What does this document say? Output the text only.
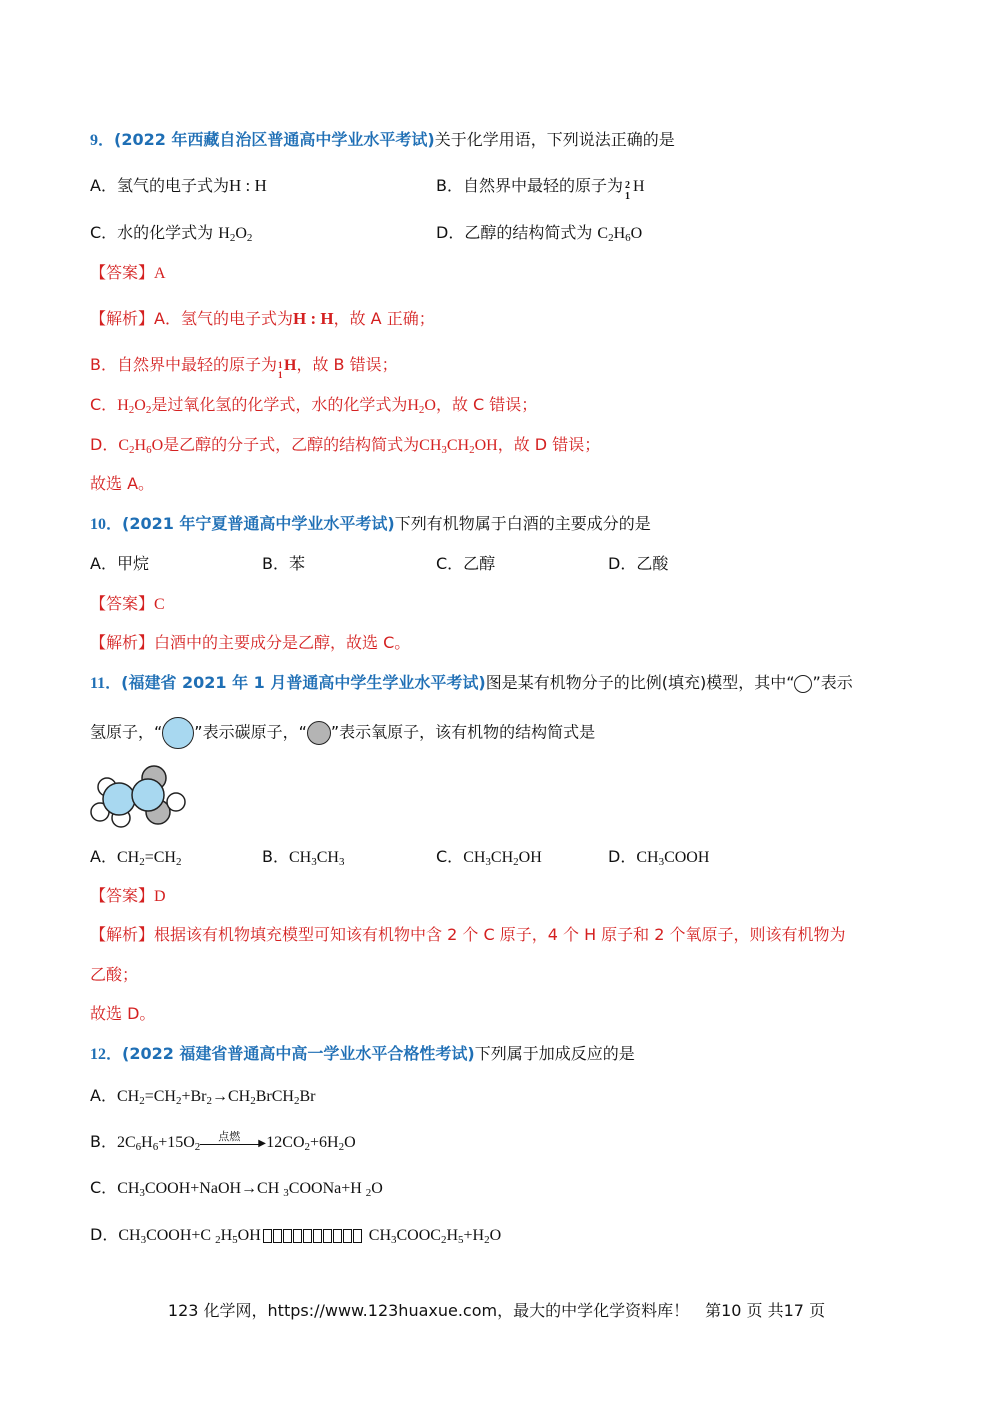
9．(2022 年西藏自治区普通高中学业水平考试)关于化学用语，下列说法正确的是
A．氢气的电子式为H : H	B．自然界中最轻的原子为 2
1
H
C．水的化学式为 $H_2O_2$	D．乙醇的结构简式为 $C_2H_6O$
【答案】A
【解析】A．氢气的电子式为H : H，故 A 正确；
B．自然界中最轻的原子为 1
1
H，故 B 错误；
C．$H_2O_2$是过氧化氢的化学式，水的化学式为$H_2O$，故 C 错误；
D．$C_2H_6O$是乙醇的分子式，乙醇的结构简式为$CH_3CH_2OH$，故 D 错误；
故选 A。
10．(2021 年宁夏普通高中学业水平考试)下列有机物属于白酒的主要成分的是
A．甲烷	B．苯	C．乙醇	D．乙酸
【答案】C
【解析】白酒中的主要成分是乙醇，故选 C。
11．(福建省 2021 年 1 月普通高中学生学业水平考试)图是某有机物分子的比例(填充)模型，其中“ ”表示
氢原子，“ ”表示碳原子，“ ”表示氧原子，该有机物的结构简式是
A．$CH_2=CH_2$	B．$CH_3CH_3$	C．$CH_3CH_2OH$	D．$CH_3COOH$
【答案】D
【解析】根据该有机物填充模型可知该有机物中含 2 个 C 原子，4 个 H 原子和 2 个氧原子，则该有机物为
乙酸；
故选 D。
12．(2022 福建省普通高中高一学业水平合格性考试)下列属于加成反应的是
A．$CH_2=CH_2+Br_2\to CH_2BrCH_2Br$
B．$2C_6H_6+15O_2$
点燃
▶ $12CO_2+6H_2O$
C．$CH_3COOH+NaOH\to CH$ $_3$COONa+H $_2$O
D．$CH_3COOH+C$ $_2H_5OH$	$CH_3COOC_2H_5+H_2O$
123 化学网，https://www.123huaxue.com，最大的中学化学资料库！　第10 页 共17 页
